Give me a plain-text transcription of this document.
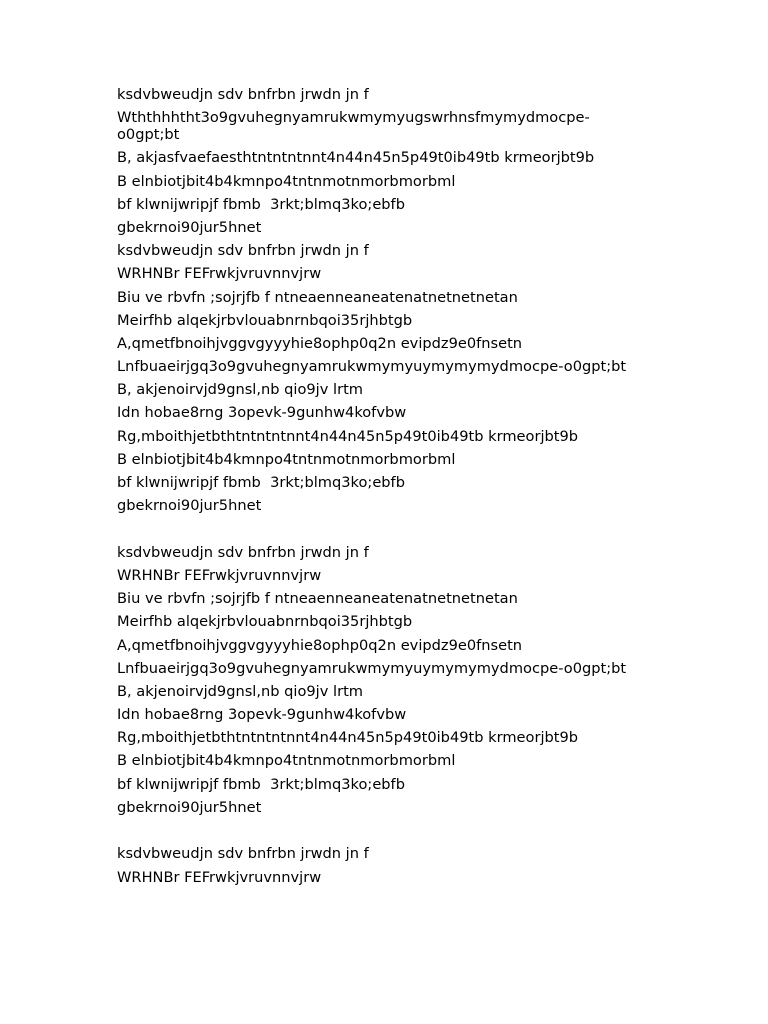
ksdvbweudjn sdv bnfrbn jrwdn jn f

Wththhhtht3o9gvuhegnyamrukwmymyugswrhnsfmymydmocpe-o0gpt;bt

B, akjasfvaefaesthtntntntnnt4n44n45n5p49t0ib49tb krmeorjbt9b

B elnbiotjbit4b4kmnpo4tntnmotnmorbmorbml

bf klwnijwripjf fbmb  3rkt;blmq3ko;ebfb

gbekrnoi90jur5hnet

ksdvbweudjn sdv bnfrbn jrwdn jn f

WRHNBr FEFrwkjvruvnnvjrw

Biu ve rbvfn ;sojrjfb f ntneaenneaneatenatnetnetnetan

Meirfhb alqekjrbvlouabnrnbqoi35rjhbtgb

A,qmetfbnoihjvggvgyyyhie8ophp0q2n evipdz9e0fnsetn

Lnfbuaeirjgq3o9gvuhegnyamrukwmymyuymymymydmocpe-o0gpt;bt

B, akjenoirvjd9gnsl,nb qio9jv lrtm

Idn hobae8rng 3opevk-9gunhw4kofvbw

Rg,mboithjetbthtntntntnnt4n44n45n5p49t0ib49tb krmeorjbt9b

B elnbiotjbit4b4kmnpo4tntnmotnmorbmorbml

bf klwnijwripjf fbmb  3rkt;blmq3ko;ebfb

gbekrnoi90jur5hnet

ksdvbweudjn sdv bnfrbn jrwdn jn f

WRHNBr FEFrwkjvruvnnvjrw

Biu ve rbvfn ;sojrjfb f ntneaenneaneatenatnetnetnetan

Meirfhb alqekjrbvlouabnrnbqoi35rjhbtgb

A,qmetfbnoihjvggvgyyyhie8ophp0q2n evipdz9e0fnsetn

Lnfbuaeirjgq3o9gvuhegnyamrukwmymyuymymymydmocpe-o0gpt;bt

B, akjenoirvjd9gnsl,nb qio9jv lrtm

Idn hobae8rng 3opevk-9gunhw4kofvbw

Rg,mboithjetbthtntntntnnt4n44n45n5p49t0ib49tb krmeorjbt9b

B elnbiotjbit4b4kmnpo4tntnmotnmorbmorbml

bf klwnijwripjf fbmb  3rkt;blmq3ko;ebfb

gbekrnoi90jur5hnet

ksdvbweudjn sdv bnfrbn jrwdn jn f

WRHNBr FEFrwkjvruvnnvjrw
